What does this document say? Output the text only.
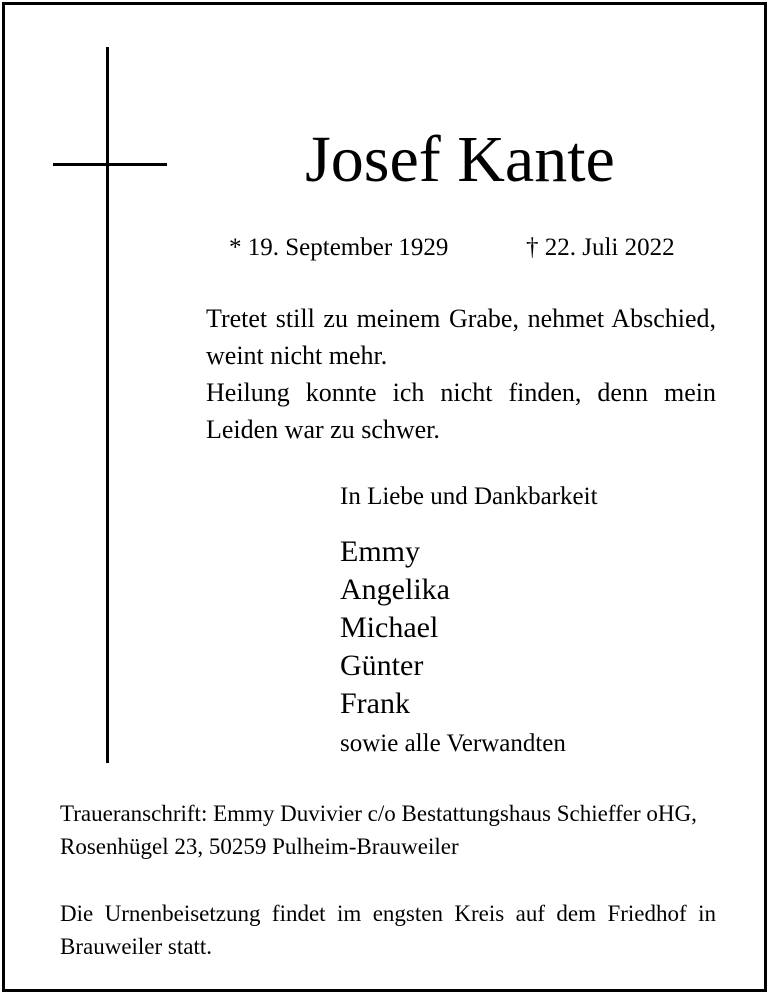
Josef Kante
* 19. September 1929	† 22. Juli 2022

Tretet still zu meinem Grabe, nehmet Abschied, weint nicht mehr.

Heilung konnte ich nicht finden, denn mein Leiden war zu schwer.

In Liebe und Dankbarkeit
Emmy
Angelika
Michael
Günter
Frank
sowie alle Verwandten
Traueranschrift: Emmy Duvivier c/o Bestattungshaus Schieffer oHG, Rosenhügel 23, 50259 Pulheim-Brauweiler
Die Urnenbeisetzung findet im engsten Kreis auf dem Friedhof in Brauweiler statt.
